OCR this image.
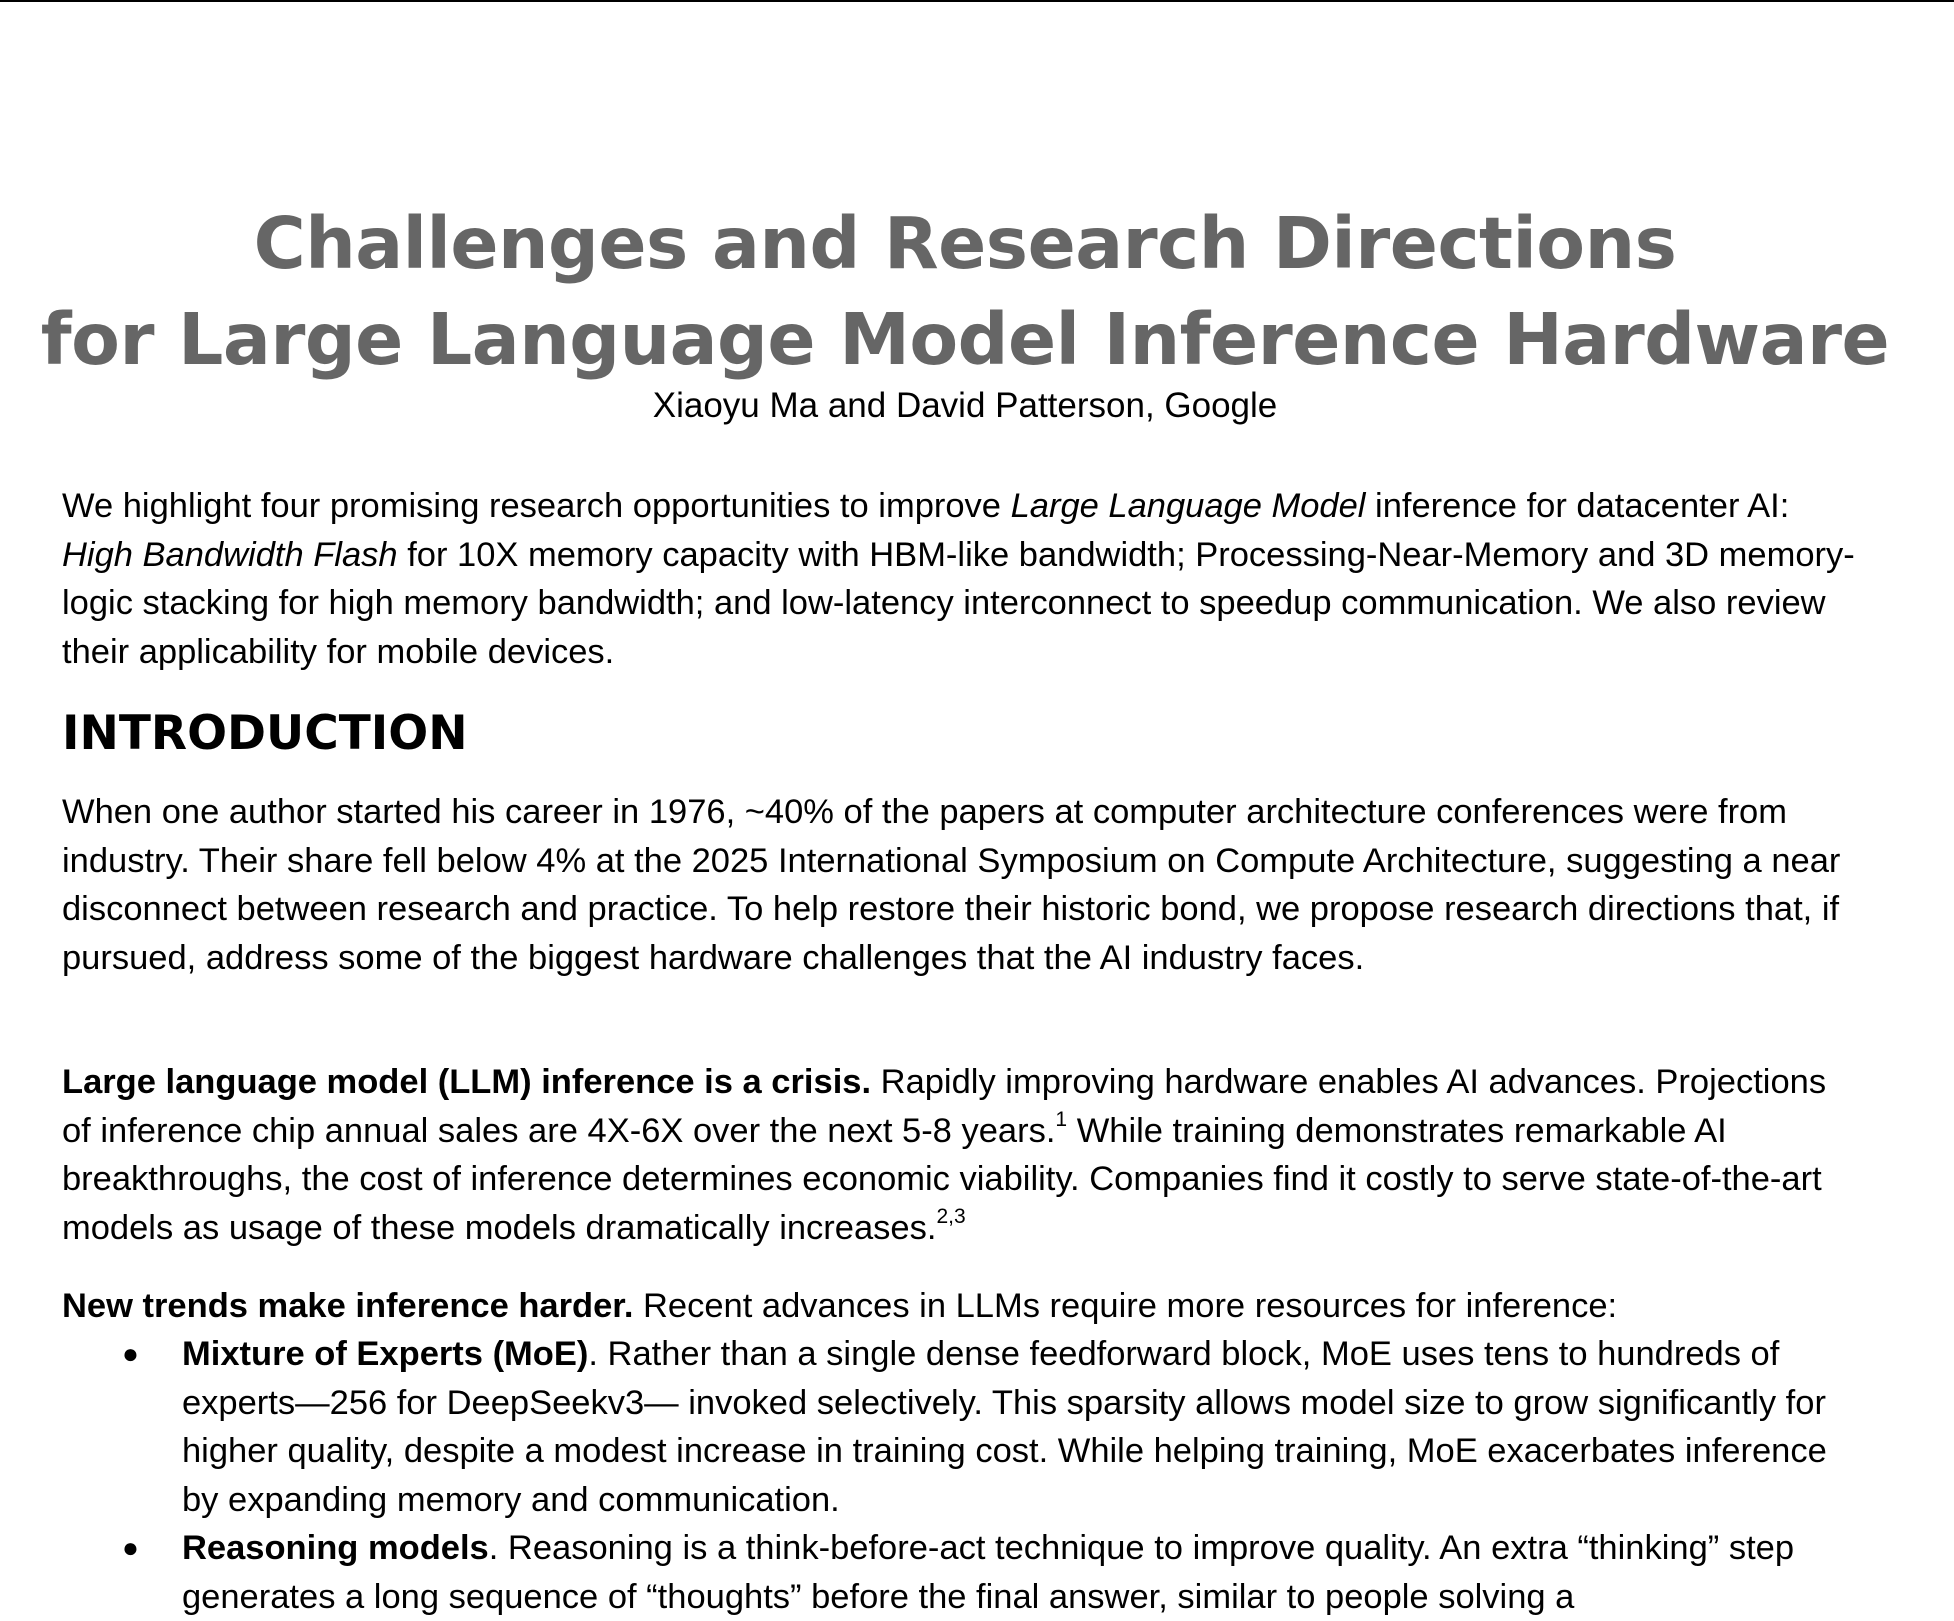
Challenges and Research Directions
for Large Language Model Inference Hardware
Xiaoyu Ma and David Patterson, Google

We highlight four promising research opportunities to improve Large Language Model inference for datacenter AI: High Bandwidth Flash for 10X memory capacity with HBM-like bandwidth; Processing-Near-Memory and 3D memory-logic stacking for high memory bandwidth; and low-latency interconnect to speedup communication. We also review their applicability for mobile devices.

INTRODUCTION

When one author started his career in 1976, ~40% of the papers at computer architecture conferences were from industry. Their share fell below 4% at the 2025 International Symposium on Compute Architecture, suggesting a near disconnect between research and practice. To help restore their historic bond, we propose research directions that, if pursued, address some of the biggest hardware challenges that the AI industry faces.

Large language model (LLM) inference is a crisis. Rapidly improving hardware enables AI advances. Projections of inference chip annual sales are 4X-6X over the next 5-8 years.$^1$ While training demonstrates remarkable AI breakthroughs, the cost of inference determines economic viability. Companies find it costly to serve state-of-the-art models as usage of these models dramatically increases.$^{2,3}$

New trends make inference harder. Recent advances in LLMs require more resources for inference:

● Mixture of Experts (MoE). Rather than a single dense feedforward block, MoE uses tens to hundreds of experts—256 for DeepSeekv3— invoked selectively. This sparsity allows model size to grow significantly for higher quality, despite a modest increase in training cost. While helping training, MoE exacerbates inference by expanding memory and communication.
● Reasoning models. Reasoning is a think-before-act technique to improve quality. An extra “thinking” step generates a long sequence of “thoughts” before the final answer, similar to people solving a
